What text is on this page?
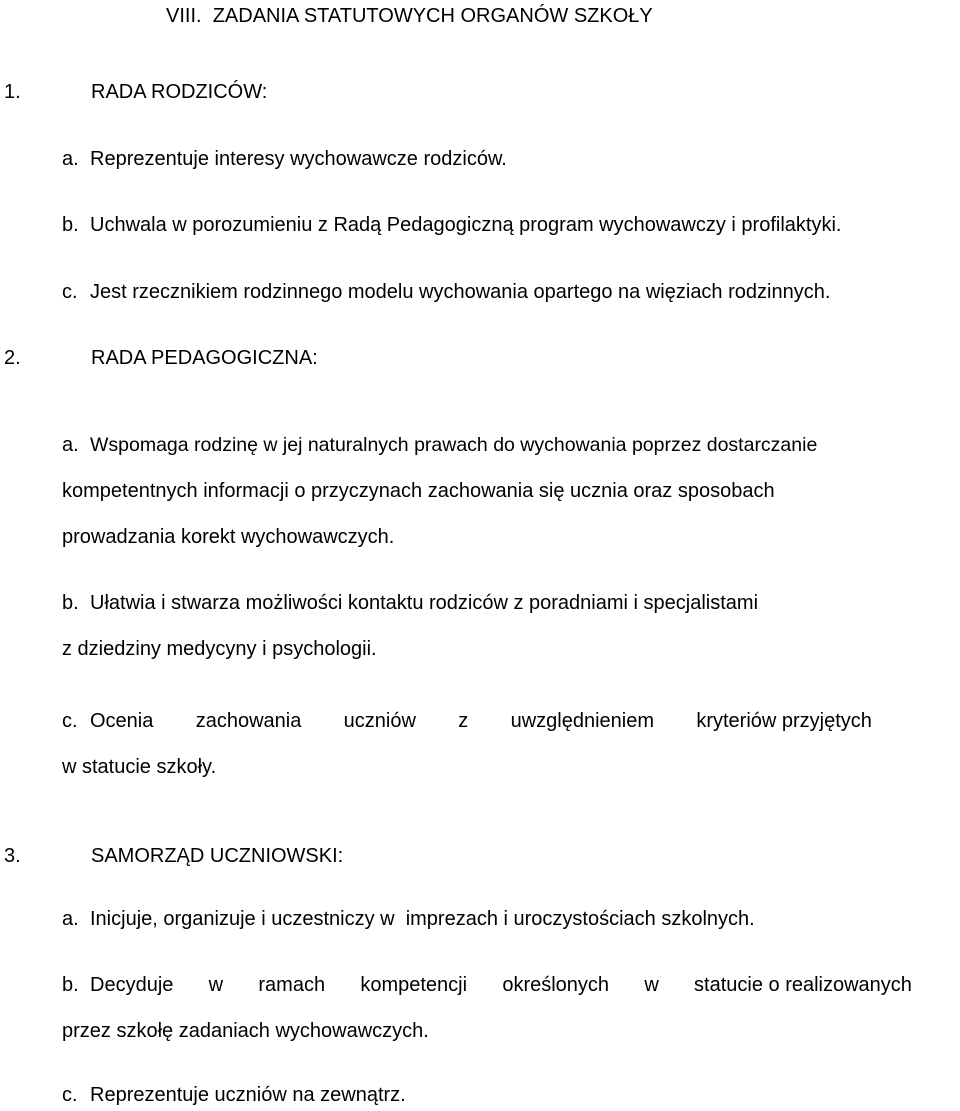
VIII. ZADANIA STATUTOWYCH ORGANÓW SZKOŁY
1.	RADA RODZICÓW:
a. Reprezentuje interesy wychowawcze rodziców.
b. Uchwala w porozumieniu z Radą Pedagogiczną program wychowawczy i profilaktyki.
c. Jest rzecznikiem rodzinnego modelu wychowania opartego na więziach rodzinnych.
2.	RADA PEDAGOGICZNA:
a. Wspomaga rodzinę w jej naturalnych prawach do wychowania poprzez dostarczanie
kompetentnych informacji o przyczynach zachowania się ucznia oraz sposobach
prowadzania korekt wychowawczych.
b. Ułatwia i stwarza możliwości kontaktu rodziców z poradniami i specjalistami
z dziedziny medycyny i psychologii.
c. Ocenia zachowania uczniów z uwzględnieniem kryteriów przyjętych
w statucie szkoły.
3.	SAMORZĄD UCZNIOWSKI:
a. Inicjuje, organizuje i uczestniczy w  imprezach i uroczystościach szkolnych.
b. Decyduje w ramach kompetencji określonych w statucie o realizowanych
przez szkołę zadaniach wychowawczych.
c. Reprezentuje uczniów na zewnątrz.
